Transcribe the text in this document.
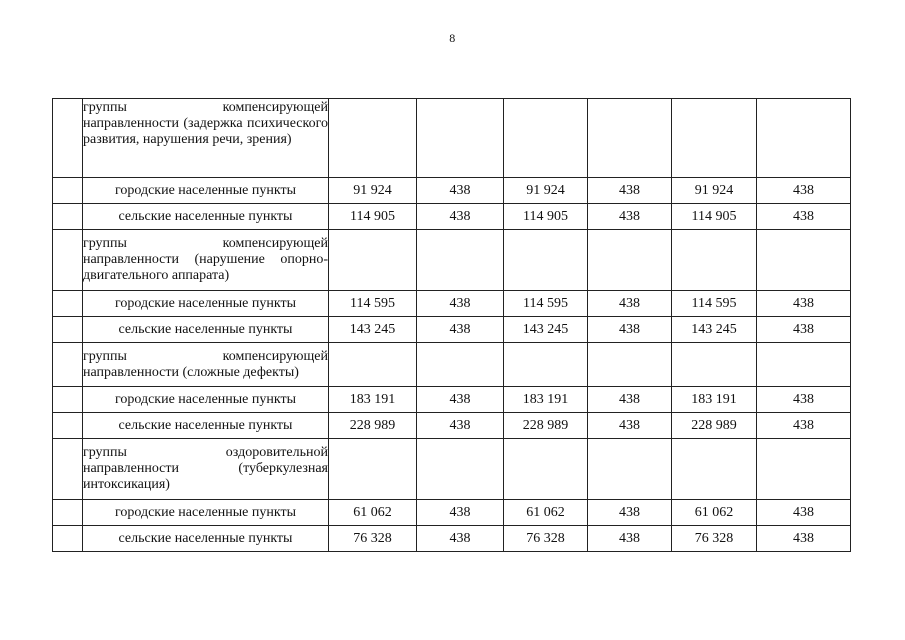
8
	группы компенсирующей направленности (задержка психического развития, нарушения речи, зрения)						
	городские населенные пункты	91 924	438	91 924	438	91 924	438
	сельские населенные пункты	114 905	438	114 905	438	114 905	438
	группы компенсирующей направленности (нарушение опорно-двигательного аппарата)						
	городские населенные пункты	114 595	438	114 595	438	114 595	438
	сельские населенные пункты	143 245	438	143 245	438	143 245	438
	группы компенсирующей направленности (сложные дефекты)						
	городские населенные пункты	183 191	438	183 191	438	183 191	438
	сельские населенные пункты	228 989	438	228 989	438	228 989	438
	группы оздоровительной направленности (туберкулезная интоксикация)						
	городские населенные пункты	61 062	438	61 062	438	61 062	438
	сельские населенные пункты	76 328	438	76 328	438	76 328	438
